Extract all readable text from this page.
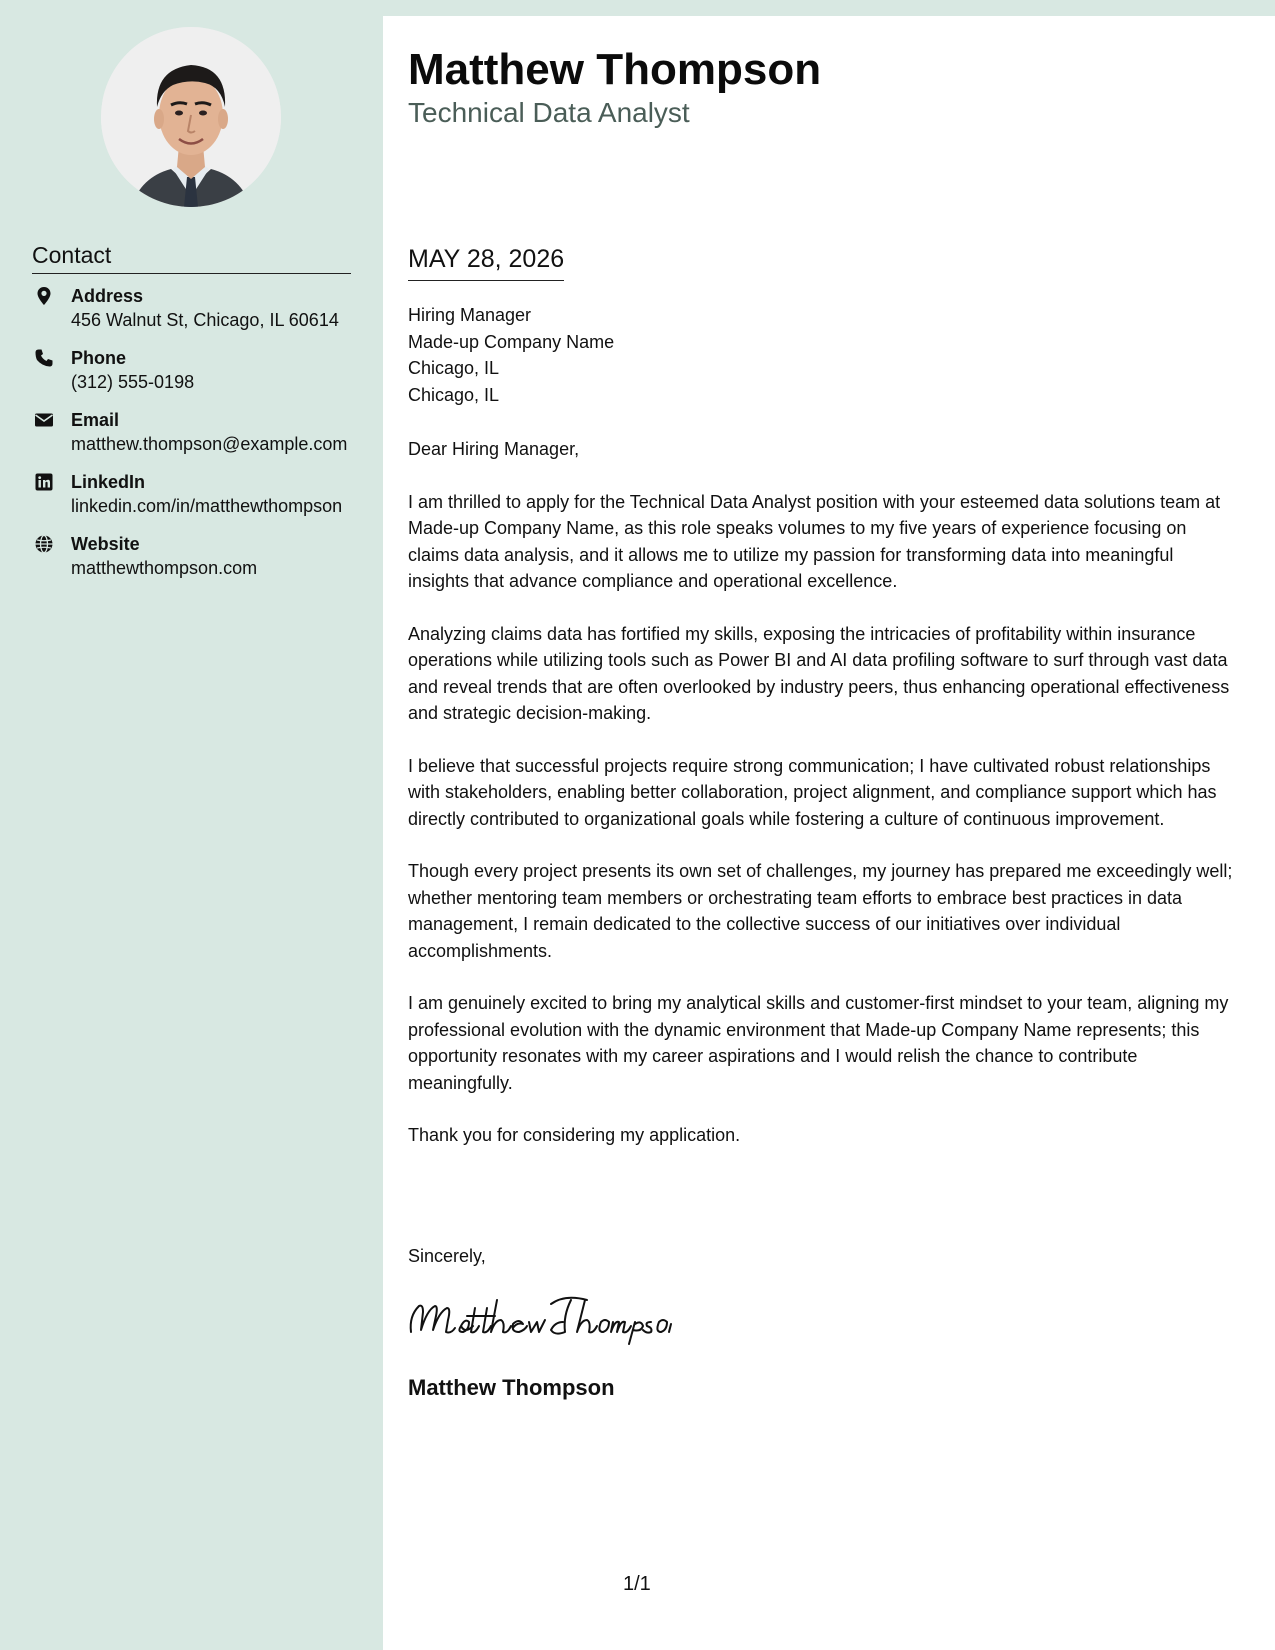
Contact
Address
456 Walnut St, Chicago, IL 60614
Phone
(312) 555-0198
Email
matthew.thompson@example.com
LinkedIn
linkedin.com/in/matthewthompson
Website
matthewthompson.com
Matthew Thompson
Technical Data Analyst
MAY 28, 2026
Hiring Manager
Made-up Company Name
Chicago, IL
Chicago, IL

Dear Hiring Manager,

I am thrilled to apply for the Technical Data Analyst position with your esteemed data solutions team at Made-up Company Name, as this role speaks volumes to my five years of experience focusing on claims data analysis, and it allows me to utilize my passion for transforming data into meaningful insights that advance compliance and operational excellence.

Analyzing claims data has fortified my skills, exposing the intricacies of profitability within insurance operations while utilizing tools such as Power BI and AI data profiling software to surf through vast data and reveal trends that are often overlooked by industry peers, thus enhancing operational effectiveness and strategic decision-making.

I believe that successful projects require strong communication; I have cultivated robust relationships with stakeholders, enabling better collaboration, project alignment, and compliance support which has directly contributed to organizational goals while fostering a culture of continuous improvement.

Though every project presents its own set of challenges, my journey has prepared me exceedingly well; whether mentoring team members or orchestrating team efforts to embrace best practices in data management, I remain dedicated to the collective success of our initiatives over individual accomplishments.

I am genuinely excited to bring my analytical skills and customer-first mindset to your team, aligning my professional evolution with the dynamic environment that Made-up Company Name represents; this opportunity resonates with my career aspirations and I would relish the chance to contribute meaningfully.

Thank you for considering my application.

Sincerely,
Matthew Thompson
1/1
